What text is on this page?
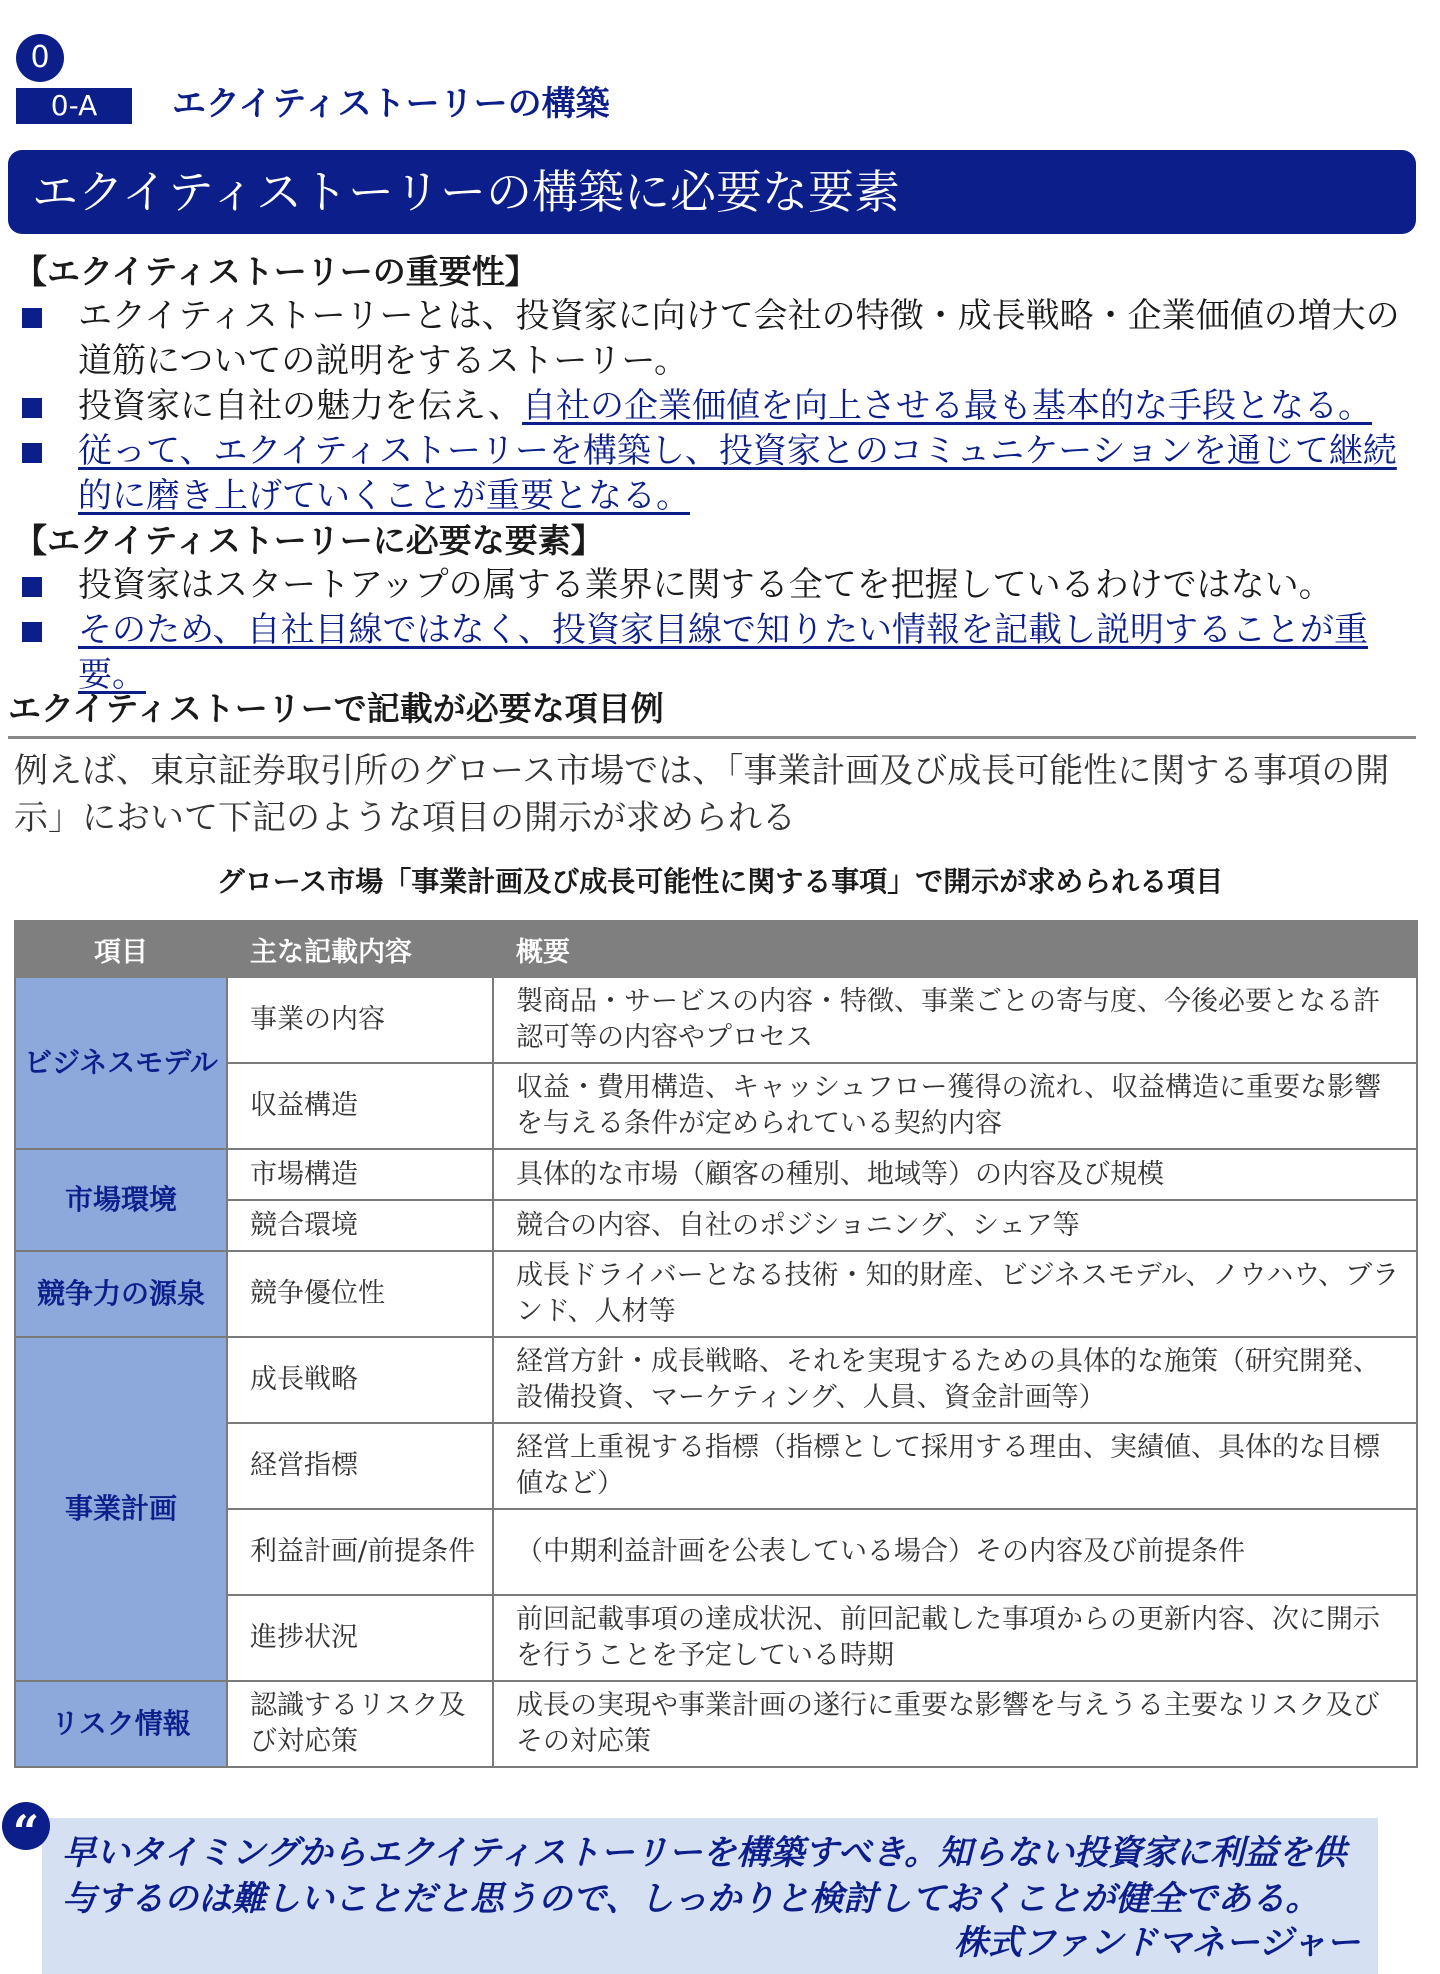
0
0-A	エクイティストーリーの構築
エクイティストーリーの構築に必要な要素

【エクイティストーリーの重要性】

エクイティストーリーとは、投資家に向けて会社の特徴・成長戦略・企業価値の増大の道筋についての説明をするストーリー。

投資家に自社の魅力を伝え、自社の企業価値を向上させる最も基本的な手段となる。

従って、エクイティストーリーを構築し、投資家とのコミュニケーションを通じて継続的に磨き上げていくことが重要となる。

【エクイティストーリーに必要な要素】

投資家はスタートアップの属する業界に関する全てを把握しているわけではない。

そのため、自社目線ではなく、投資家目線で知りたい情報を記載し説明することが重要。

エクイティストーリーで記載が必要な項目例
例えば、東京証券取引所のグロース市場では、「事業計画及び成長可能性に関する事項の開示」において下記のような項目の開示が求められる
グロース市場「事業計画及び成長可能性に関する事項」で開示が求められる項目
項目	主な記載内容	概要
ビジネスモデル	事業の内容	製商品・サービスの内容・特徴、事業ごとの寄与度、今後必要となる許認可等の内容やプロセス
	収益構造	収益・費用構造、キャッシュフロー獲得の流れ、収益構造に重要な影響を与える条件が定められている契約内容
市場環境	市場構造	具体的な市場（顧客の種別、地域等）の内容及び規模
	競合環境	競合の内容、自社のポジショニング、シェア等
競争力の源泉	競争優位性	成長ドライバーとなる技術・知的財産、ビジネスモデル、ノウハウ、ブランド、人材等
事業計画	成長戦略	経営方針・成長戦略、それを実現するための具体的な施策（研究開発、設備投資、マーケティング、人員、資金計画等）
	経営指標	経営上重視する指標（指標として採用する理由、実績値、具体的な目標値など）
	利益計画/前提条件	（中期利益計画を公表している場合）その内容及び前提条件
	進捗状況	前回記載事項の達成状況、前回記載した事項からの更新内容、次に開示を行うことを予定している時期
リスク情報	認識するリスク及び対応策	成長の実現や事業計画の遂行に重要な影響を与えうる主要なリスク及びその対応策
“ 早いタイミングからエクイティストーリーを構築すべき。知らない投資家に利益を供与するのは難しいことだと思うので、しっかりと検討しておくことが健全である。
株式ファンドマネージャー
